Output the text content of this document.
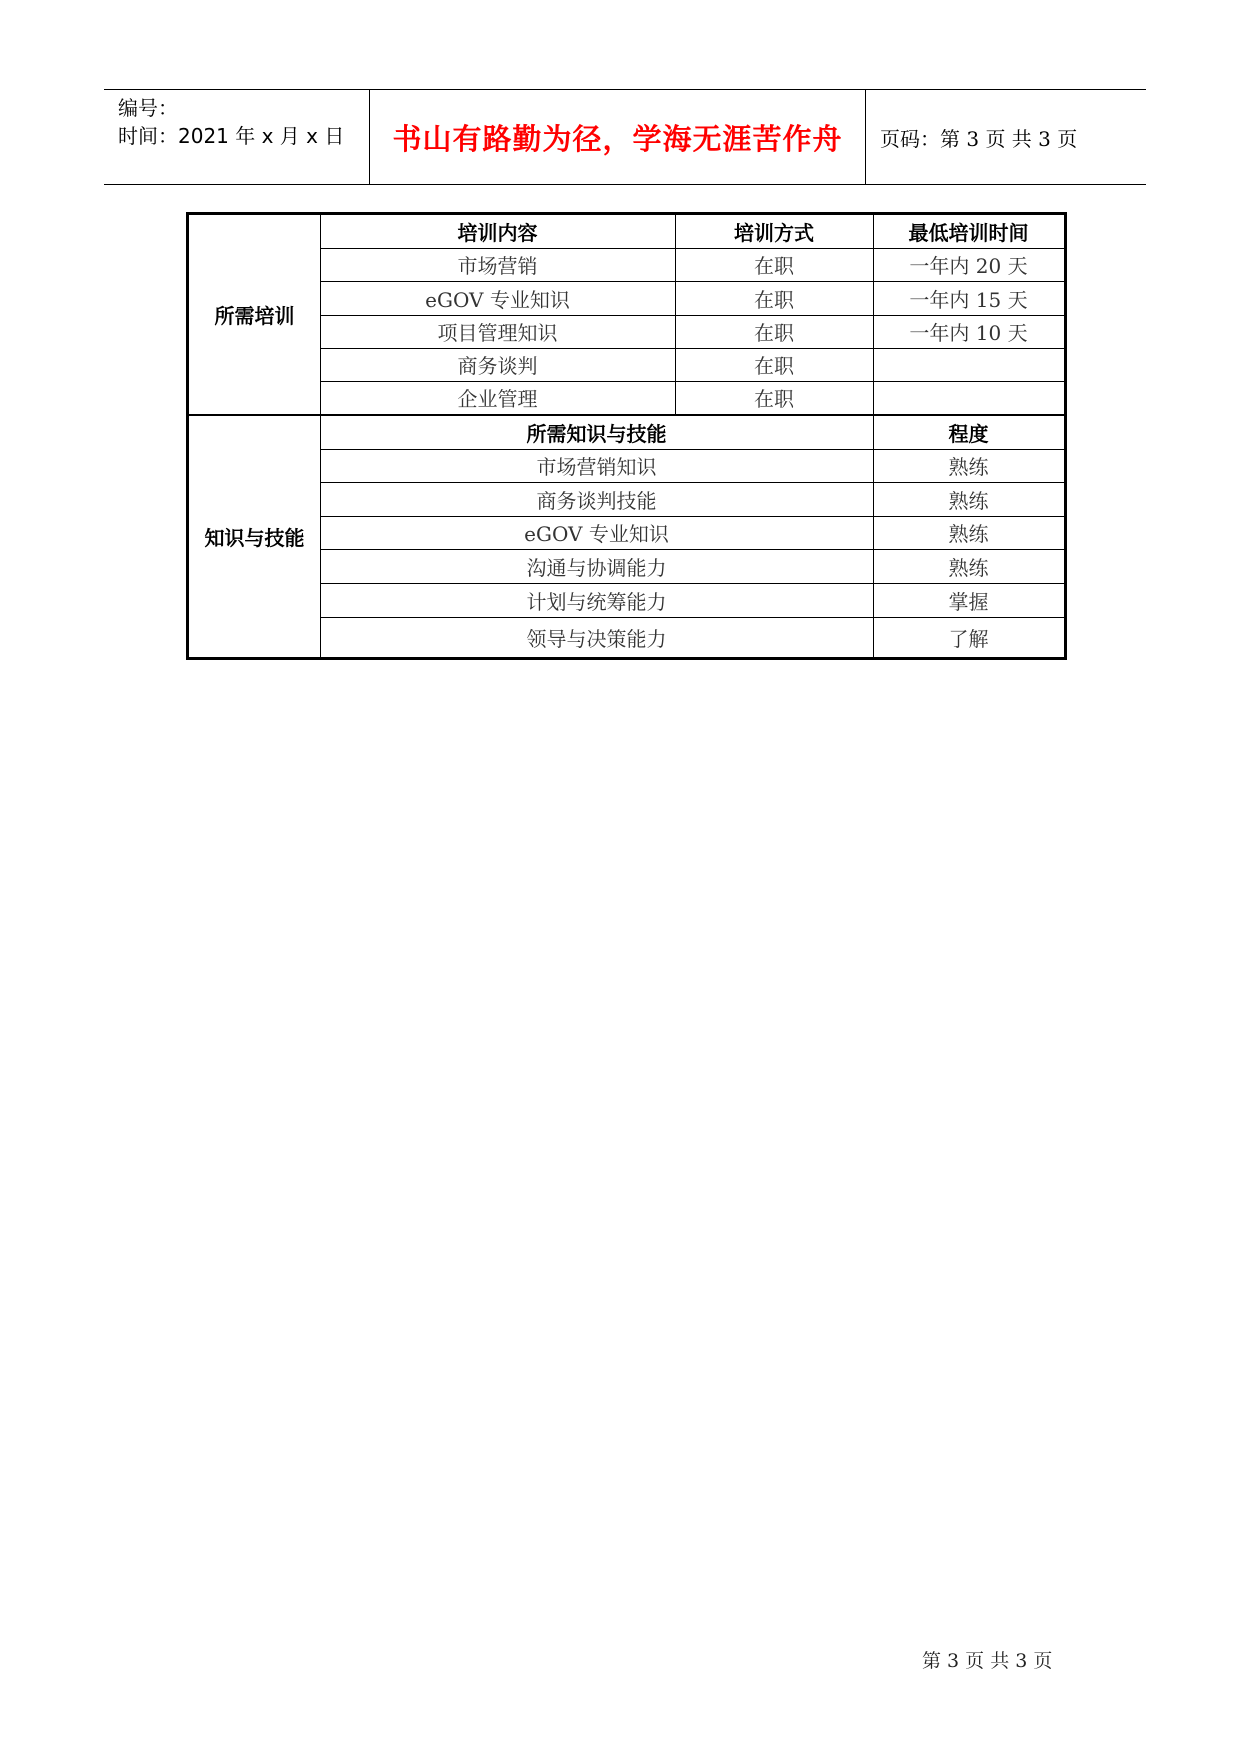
编号：
时间：2021 年 x 月 x 日 书山有路勤为径，学海无涯苦作舟 页码：第 3 页 共 3 页
所需培训
培训内容	培训方式	最低培训时间
市场营销	在职	一年内 20 天
eGOV 专业知识	在职	一年内 15 天
项目管理知识	在职	一年内 10 天
商务谈判	在职
企业管理	在职
知识与技能
所需知识与技能	程度
市场营销知识	熟练
商务谈判技能	熟练
eGOV 专业知识	熟练
沟通与协调能力	熟练
计划与统筹能力	掌握
领导与决策能力	了解
第 3 页 共 3 页
